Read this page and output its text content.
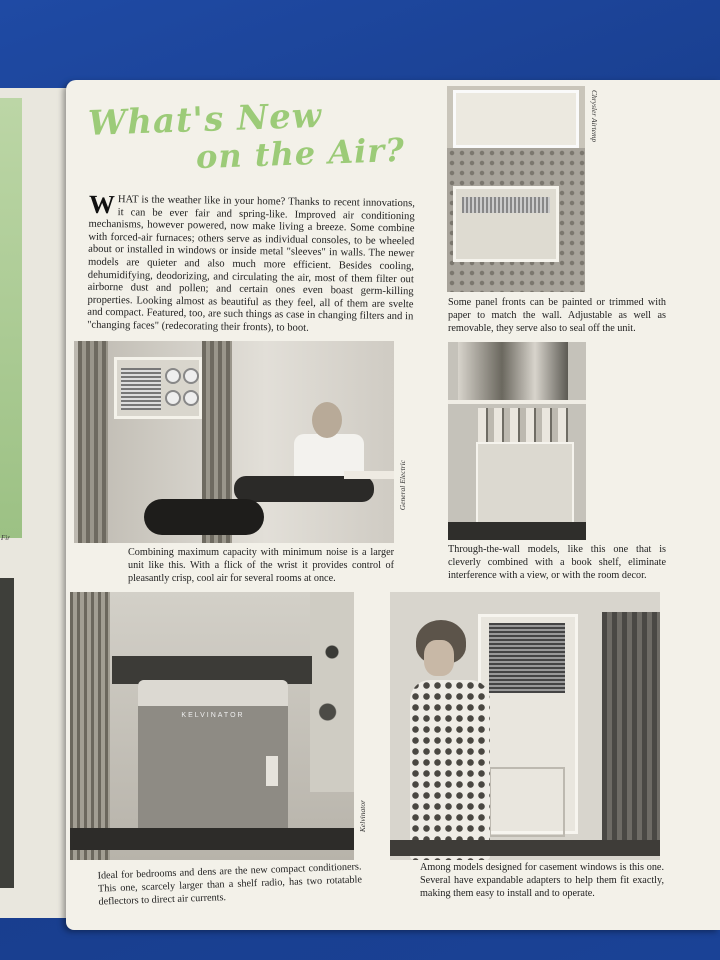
Fir
What's New
on the Air?
WHAT is the weather like in your home? Thanks to recent innovations, it can be ever fair and spring-like. Improved air conditioning mechanisms, however powered, now make living a breeze. Some combine with forced-air furnaces; others serve as individual consoles, to be wheeled about or installed in windows or inside metal "sleeves" in walls. The newer models are quieter and also much more efficient. Besides cooling, dehumidifying, deodorizing, and circulating the air, most of them filter out airborne dust and pollen; and certain ones even boast germ-killing properties. Looking almost as beautiful as they feel, all of them are svelte and compact. Featured, too, are such things as case in changing filters and in "changing faces" (redecorating their fronts), to boot.
Chrysler Airtemp
Some panel fronts can be painted or trimmed with paper to match the wall. Adjustable as well as removable, they serve also to seal off the unit.
General Electric
Combining maximum capacity with minimum noise is a larger unit like this. With a flick of the wrist it provides control of pleasantly crisp, cool air for several rooms at once.
Through-the-wall models, like this one that is cleverly combined with a book shelf, eliminate interference with a view, or with the room decor.
KELVINATOR
Kelvinator
Ideal for bedrooms and dens are the new compact conditioners. This one, scarcely larger than a shelf radio, has two rotatable deflectors to direct air currents.
Among models designed for casement windows is this one. Several have expandable adapters to help them fit exactly, making them easy to install and to operate.
